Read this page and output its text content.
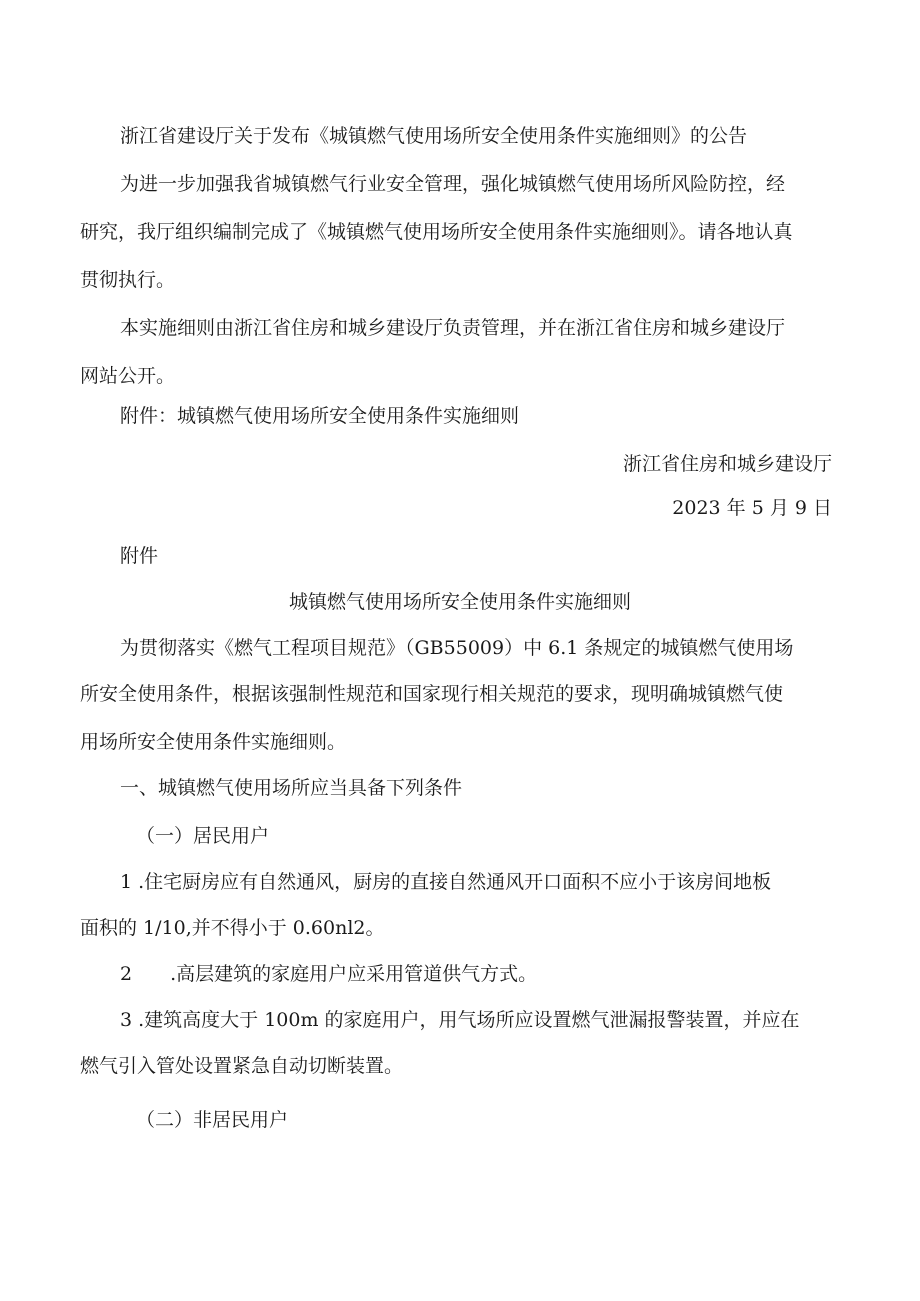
浙江省建设厅关于发布《城镇燃气使用场所安全使用条件实施细则》的公告

为进一步加强我省城镇燃气行业安全管理，强化城镇燃气使用场所风险防控，经

研究，我厅组织编制完成了《城镇燃气使用场所安全使用条件实施细则》。请各地认真

贯彻执行。

本实施细则由浙江省住房和城乡建设厅负责管理，并在浙江省住房和城乡建设厅

网站公开。

附件：城镇燃气使用场所安全使用条件实施细则

浙江省住房和城乡建设厅

2023 年 5 月 9 日

附件

城镇燃气使用场所安全使用条件实施细则

为贯彻落实《燃气工程项目规范》（GB55009）中 6.1 条规定的城镇燃气使用场

所安全使用条件，根据该强制性规范和国家现行相关规范的要求，现明确城镇燃气使

用场所安全使用条件实施细则。

一、城镇燃气使用场所应当具备下列条件

（一）居民用户

1 .住宅厨房应有自然通风，厨房的直接自然通风开口面积不应小于该房间地板

面积的 1/10,并不得小于 0.60nl2。

2　　.高层建筑的家庭用户应采用管道供气方式。

3 .建筑高度大于 100m 的家庭用户，用气场所应设置燃气泄漏报警装置，并应在

燃气引入管处设置紧急自动切断装置。

（二）非居民用户
